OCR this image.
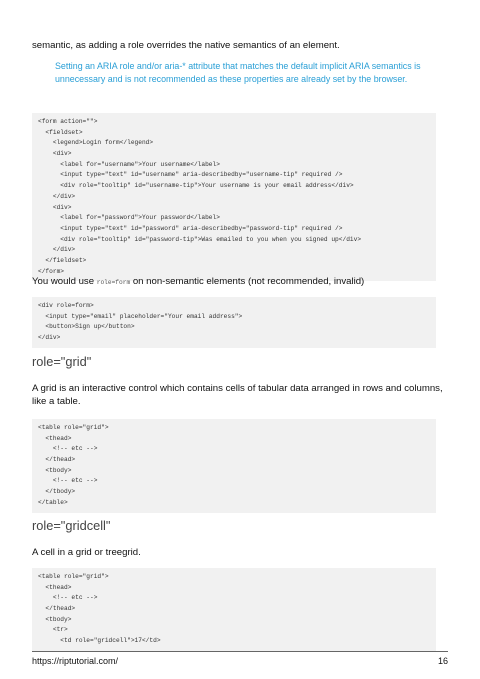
semantic, as adding a role overrides the native semantics of an element.

Setting an ARIA role and/or aria-* attribute that matches the default implicit ARIA semantics is unnecessary and is not recommended as these properties are already set by the browser.

<form action="">
<fieldset>
<legend>Login form</legend>
<div>
<label for="username">Your username</label>
<input type="text" id="username" aria-describedby="username-tip" required />
<div role="tooltip" id="username-tip">Your username is your email address</div>
</div>
<div>
<label for="password">Your password</label>
<input type="text" id="password" aria-describedby="password-tip" required />
<div role="tooltip" id="password-tip">Was emailed to you when you signed up</div>
</div>
</fieldset>
</form>

You would use role=form on non-semantic elements (not recommended, invalid)

<div role=form>
<input type="email" placeholder="Your email address">
<button>Sign up</button>
</div>
role="grid"

A grid is an interactive control which contains cells of tabular data arranged in rows and columns, like a table.

<table role="grid">
<thead>
<!-- etc -->
</thead>
<tbody>
<!-- etc -->
</tbody>
</table>
role="gridcell"

A cell in a grid or treegrid.

<table role="grid">
<thead>
<!-- etc -->
</thead>
<tbody>
<tr>
<td role="gridcell">17</td>
https://riptutorial.com/	16
